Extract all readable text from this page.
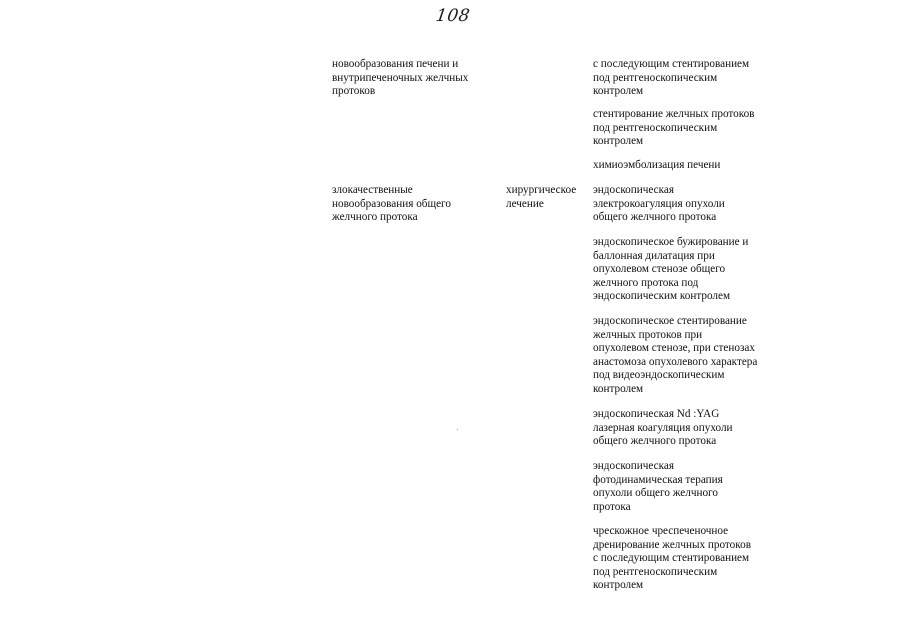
108
новообразования печени и
внутрипеченочных желчных
протоков
с последующим стентированием
под рентгеноскопическим
контролем
стентирование желчных протоков
под рентгеноскопическим
контролем
химиоэмболизация печени
злокачественные
новообразования общего
желчного протока
хирургическое
лечение
эндоскопическая
электрокоагуляция опухоли
общего желчного протока
эндоскопическое бужирование и
баллонная дилатация при
опухолевом стенозе общего
желчного протока под
эндоскопическим контролем
эндоскопическое стентирование
желчных протоков при
опухолевом стенозе, при стенозах
анастомоза опухолевого характера
под видеоэндоскопическим
контролем
эндоскопическая Nd :YAG
лазерная коагуляция опухоли
общего желчного протока
эндоскопическая
фотодинамическая терапия
опухоли общего желчного
протока
чрескожное чреспеченочное
дренирование желчных протоков
с последующим стентированием
под рентгеноскопическим
контролем
